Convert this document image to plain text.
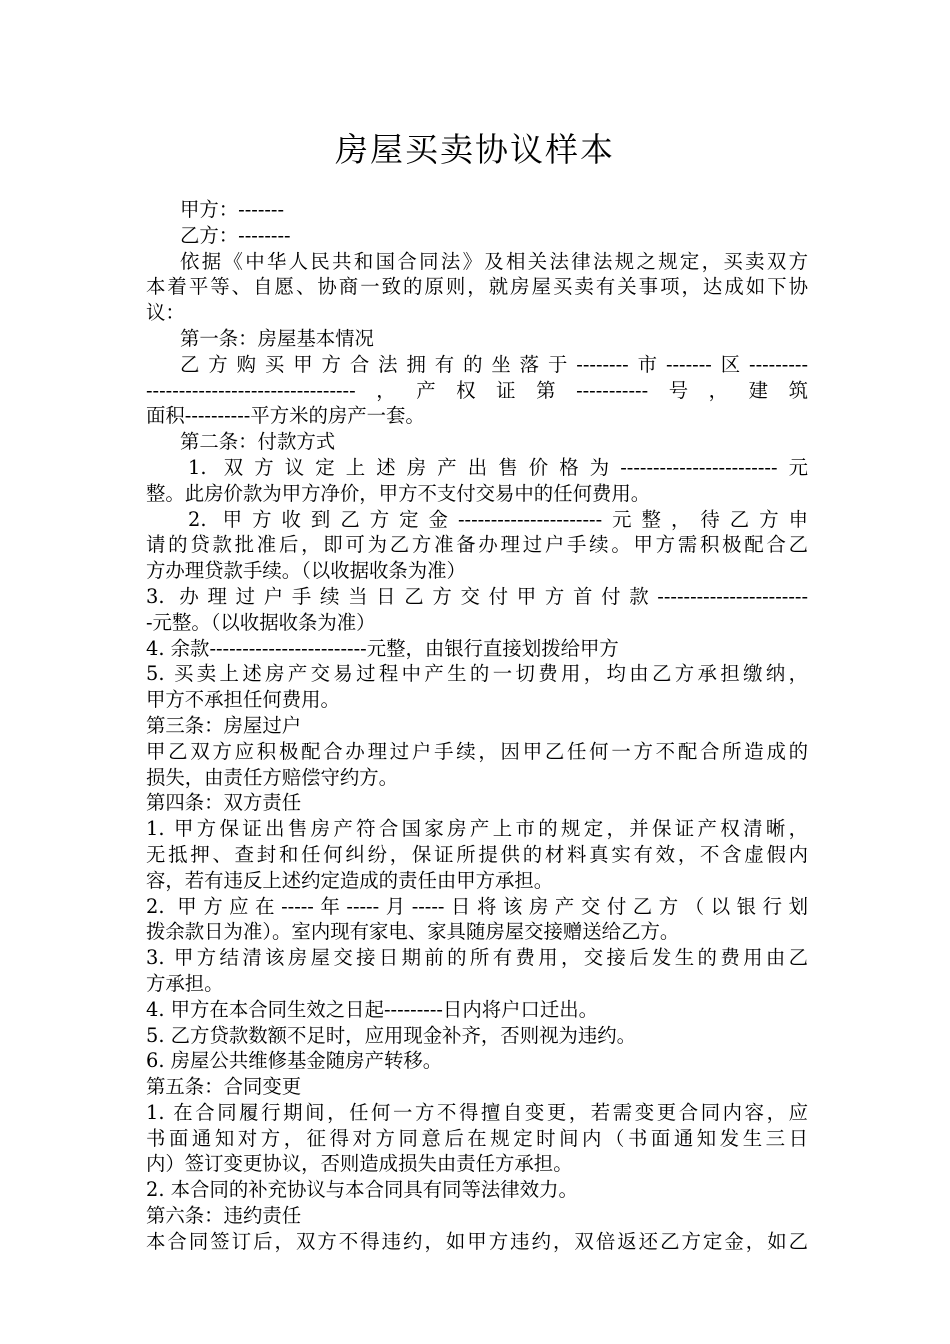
房屋买卖协议样本
甲方：-------
乙方：--------
依据《中华人民共和国合同法》及相关法律法规之规定，买卖双方
本着平等、自愿、协商一致的原则，就房屋买卖有关事项，达成如下协
议：
第一条：房屋基本情况
乙方购买甲方合法拥有的坐落于--------市-------区---------
--------------------------------，产权证第-----------号，建筑
面积----------平方米的房产一套。
第二条：付款方式
1. 双方议定上述房产出售价格为------------------------元
整。此房价款为甲方净价，甲方不支付交易中的任何费用。
2. 甲方收到乙方定金----------------------元整，待乙方申
请的贷款批准后，即可为乙方准备办理过户手续。甲方需积极配合乙
方办理贷款手续。（以收据收条为准）
3. 办理过户手续当日乙方交付甲方首付款-----------------------
-元整。（以收据收条为准）
4. 余款------------------------元整，由银行直接划拨给甲方
5. 买卖上述房产交易过程中产生的一切费用，均由乙方承担缴纳，
甲方不承担任何费用。
第三条：房屋过户
甲乙双方应积极配合办理过户手续，因甲乙任何一方不配合所造成的
损失，由责任方赔偿守约方。
第四条：双方责任
1. 甲方保证出售房产符合国家房产上市的规定，并保证产权清晰，
无抵押、查封和任何纠纷，保证所提供的材料真实有效，不含虚假内
容，若有违反上述约定造成的责任由甲方承担。
2. 甲方应在-----年-----月-----日将该房产交付乙方（以银行划
拨余款日为准）。室内现有家电、家具随房屋交接赠送给乙方。
3. 甲方结清该房屋交接日期前的所有费用，交接后发生的费用由乙
方承担。
4. 甲方在本合同生效之日起---------日内将户口迁出。
5. 乙方贷款数额不足时，应用现金补齐，否则视为违约。
6. 房屋公共维修基金随房产转移。
第五条：合同变更
1. 在合同履行期间，任何一方不得擅自变更，若需变更合同内容，应
书面通知对方，征得对方同意后在规定时间内（书面通知发生三日
内）签订变更协议，否则造成损失由责任方承担。
2. 本合同的补充协议与本合同具有同等法律效力。
第六条：违约责任
本合同签订后，双方不得违约，如甲方违约，双倍返还乙方定金，如乙
